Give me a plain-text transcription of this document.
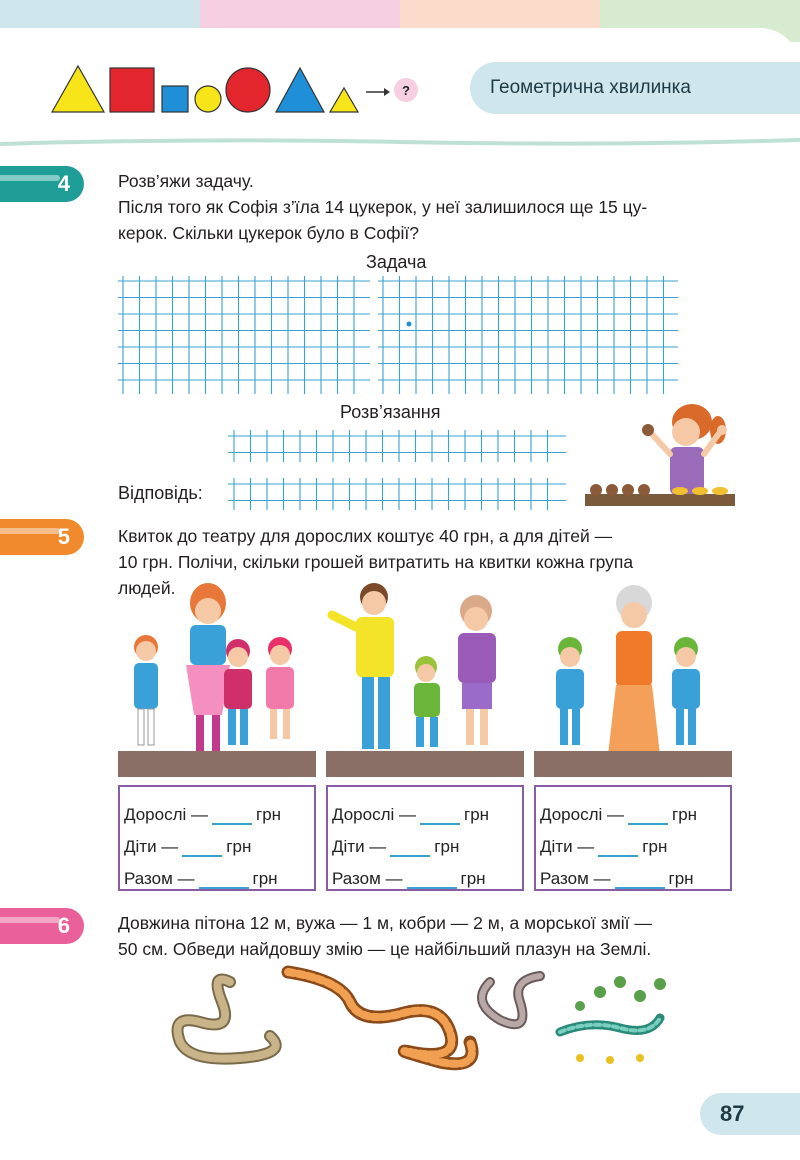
?	Геометрична хвилинка
4	Розв’яжи задачу.
Після того як Софія з’їла 14 цукерок, у неї залишилося ще 15 цу-
керок. Скільки цукерок було в Софії?
Задача
Розв’язання
Відповідь:
5	Квиток до театру для дорослих коштує 40 грн, а для дітей —
10 грн. Полічи, скільки грошей витратить на квитки кожна група
людей.
Дорослі —	грн
Діти —	грн
Разом —	грн
Дорослі —	грн
Діти —	грн
Разом —	грн
Дорослі —	грн
Діти —	грн
Разом —	грн
6	Довжина пітона 12 м, вужа — 1 м, кобри — 2 м, а морської змії —
50 см. Обведи найдовшу змію — це найбільший плазун на Землі.
87
